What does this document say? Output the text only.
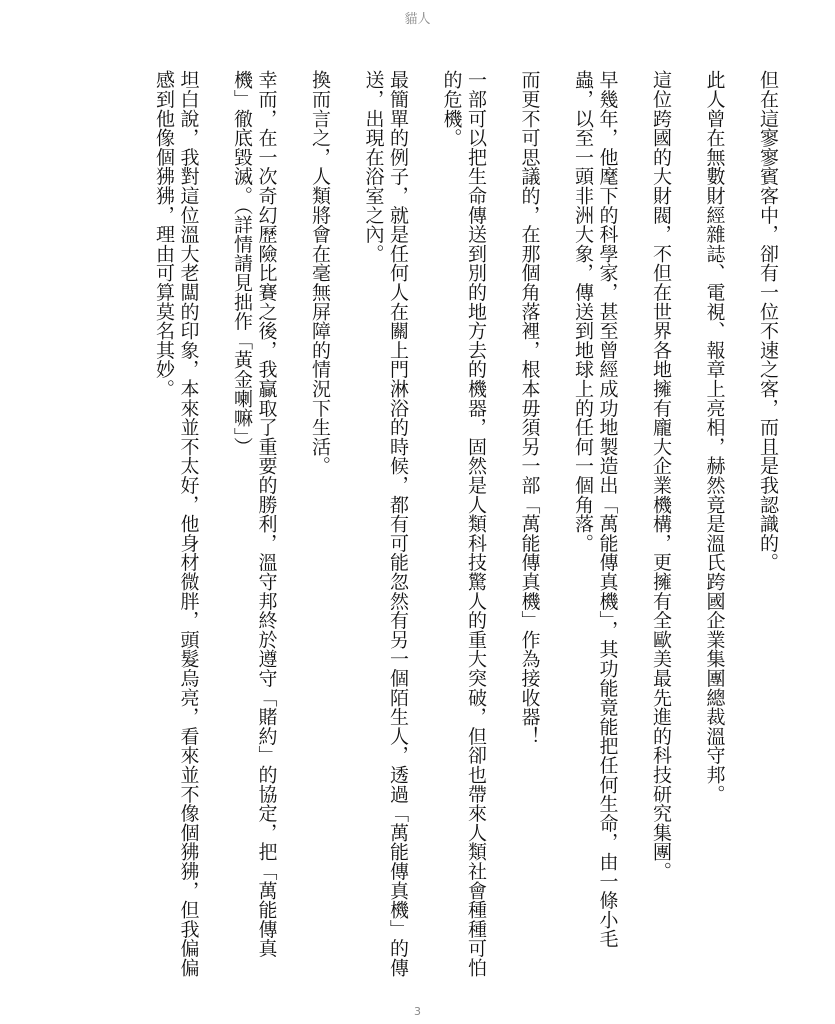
貓人

但在這寥寥賓客中，卻有一位不速之客，而且是我認識的。

此人曾在無數財經雜誌、電視、報章上亮相，赫然竟是溫氏跨國企業集團總裁溫守邦。

這位跨國的大財閥，不但在世界各地擁有龐大企業機構，更擁有全歐美最先進的科技研究集團。

早幾年，他麾下的科學家，甚至曾經成功地製造出「萬能傳真機」，其功能竟能把任何生命，由一條小毛蟲，以至一頭非洲大象，傳送到地球上的任何一個角落。

而更不可思議的，在那個角落裡，根本毋須另一部「萬能傳真機」作為接收器！

一部可以把生命傳送到別的地方去的機器，固然是人類科技驚人的重大突破，但卻也帶來人類社會種種可怕的危機。

最簡單的例子，就是任何人在關上門淋浴的時候，都有可能忽然有另一個陌生人，透過「萬能傳真機」的傳送，出現在浴室之內。

換而言之，人類將會在毫無屏障的情況下生活。

幸而，在一次奇幻歷險比賽之後，我贏取了重要的勝利，溫守邦終於遵守「賭約」的協定，把「萬能傳真機」徹底毀滅。（詳情請見拙作「黃金喇嘛」）

坦白說，我對這位溫大老闆的印象，本來並不太好，他身材微胖，頭髮烏亮，看來並不像個狒狒，但我偏偏感到他像個狒狒，理由可算莫名其妙。

3
